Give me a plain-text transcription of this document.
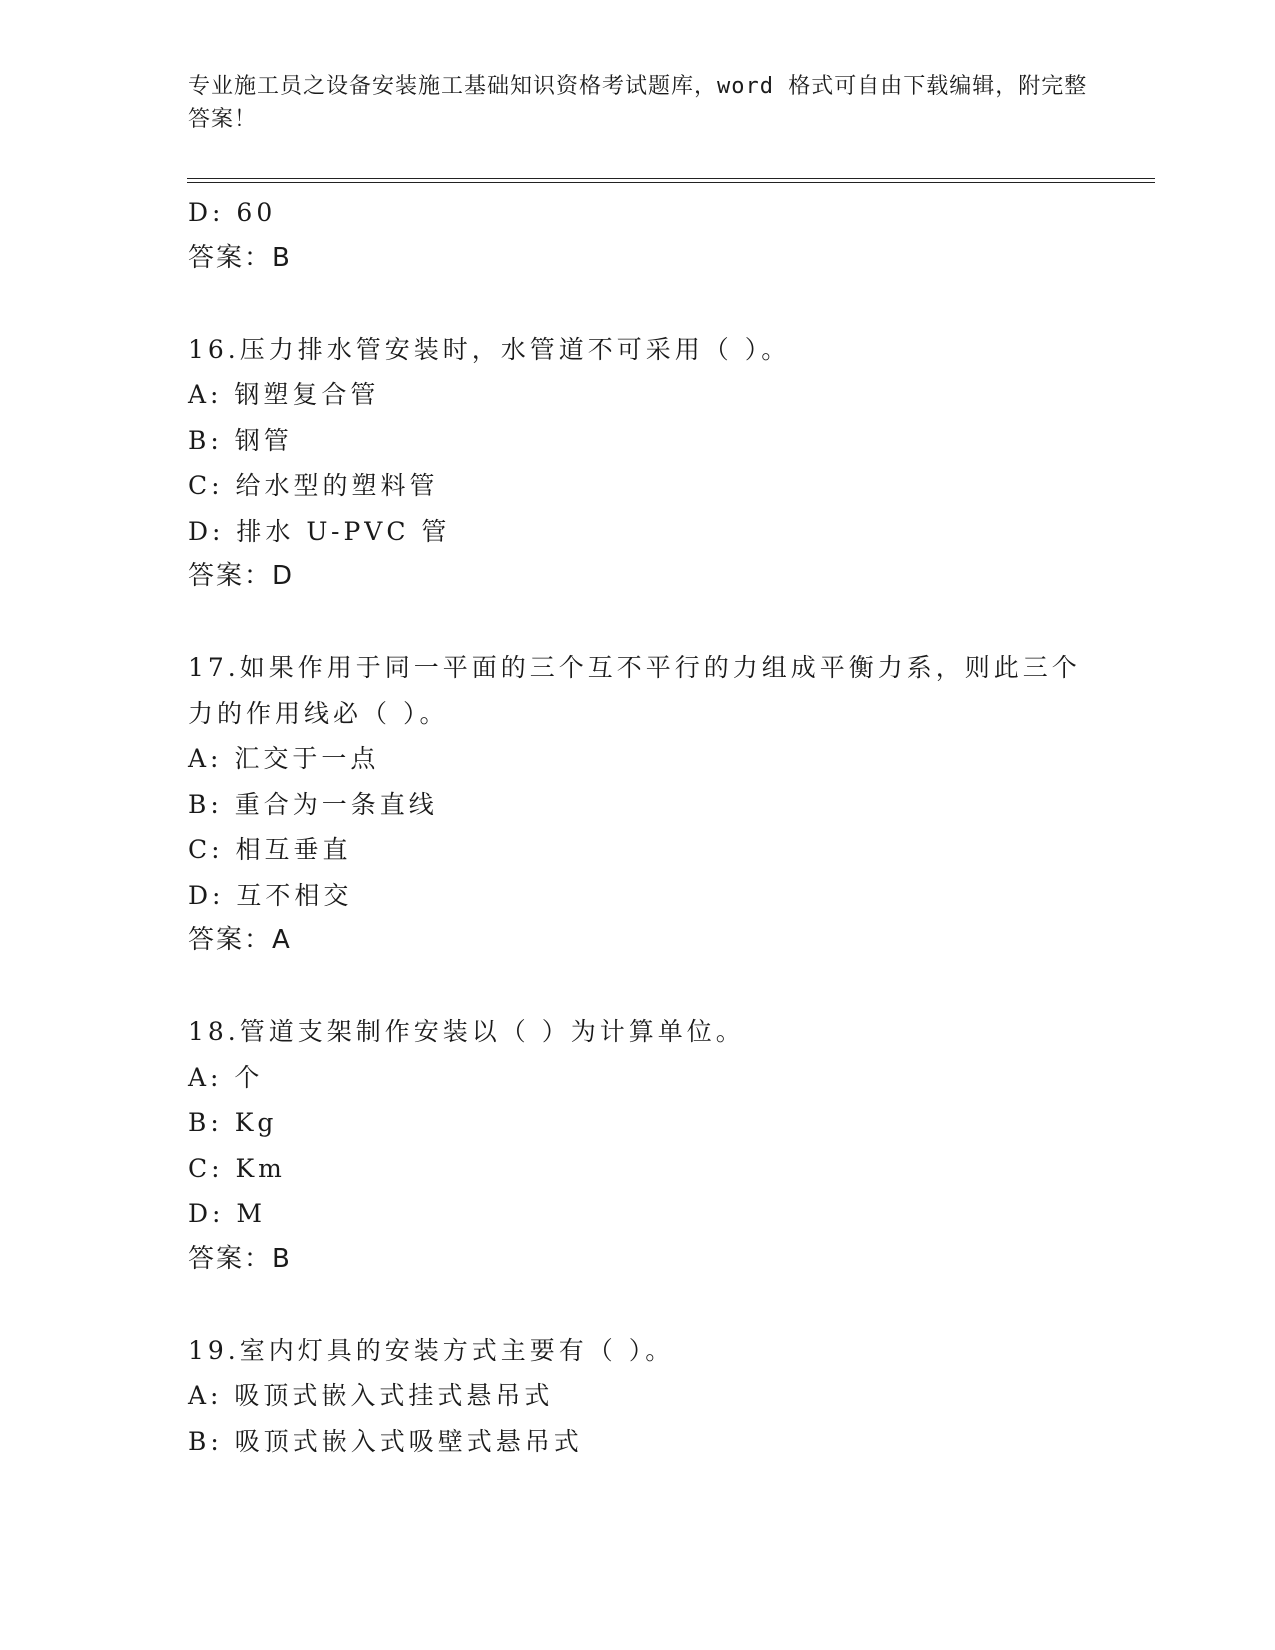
专业施工员之设备安装施工基础知识资格考试题库，word 格式可自由下载编辑，附完整答案！
D: 60
答案：B
16.压力排水管安装时，水管道不可采用（ ）。
A: 钢塑复合管
B: 钢管
C: 给水型的塑料管
D: 排水 U-PVC 管
答案：D
17.如果作用于同一平面的三个互不平行的力组成平衡力系，则此三个
力的作用线必（ ）。
A: 汇交于一点
B: 重合为一条直线
C: 相互垂直
D: 互不相交
答案：A
18.管道支架制作安装以（ ）为计算单位。
A: 个
B: Kg
C: Km
D: M
答案：B
19.室内灯具的安装方式主要有（ ）。
A: 吸顶式嵌入式挂式悬吊式
B: 吸顶式嵌入式吸壁式悬吊式
